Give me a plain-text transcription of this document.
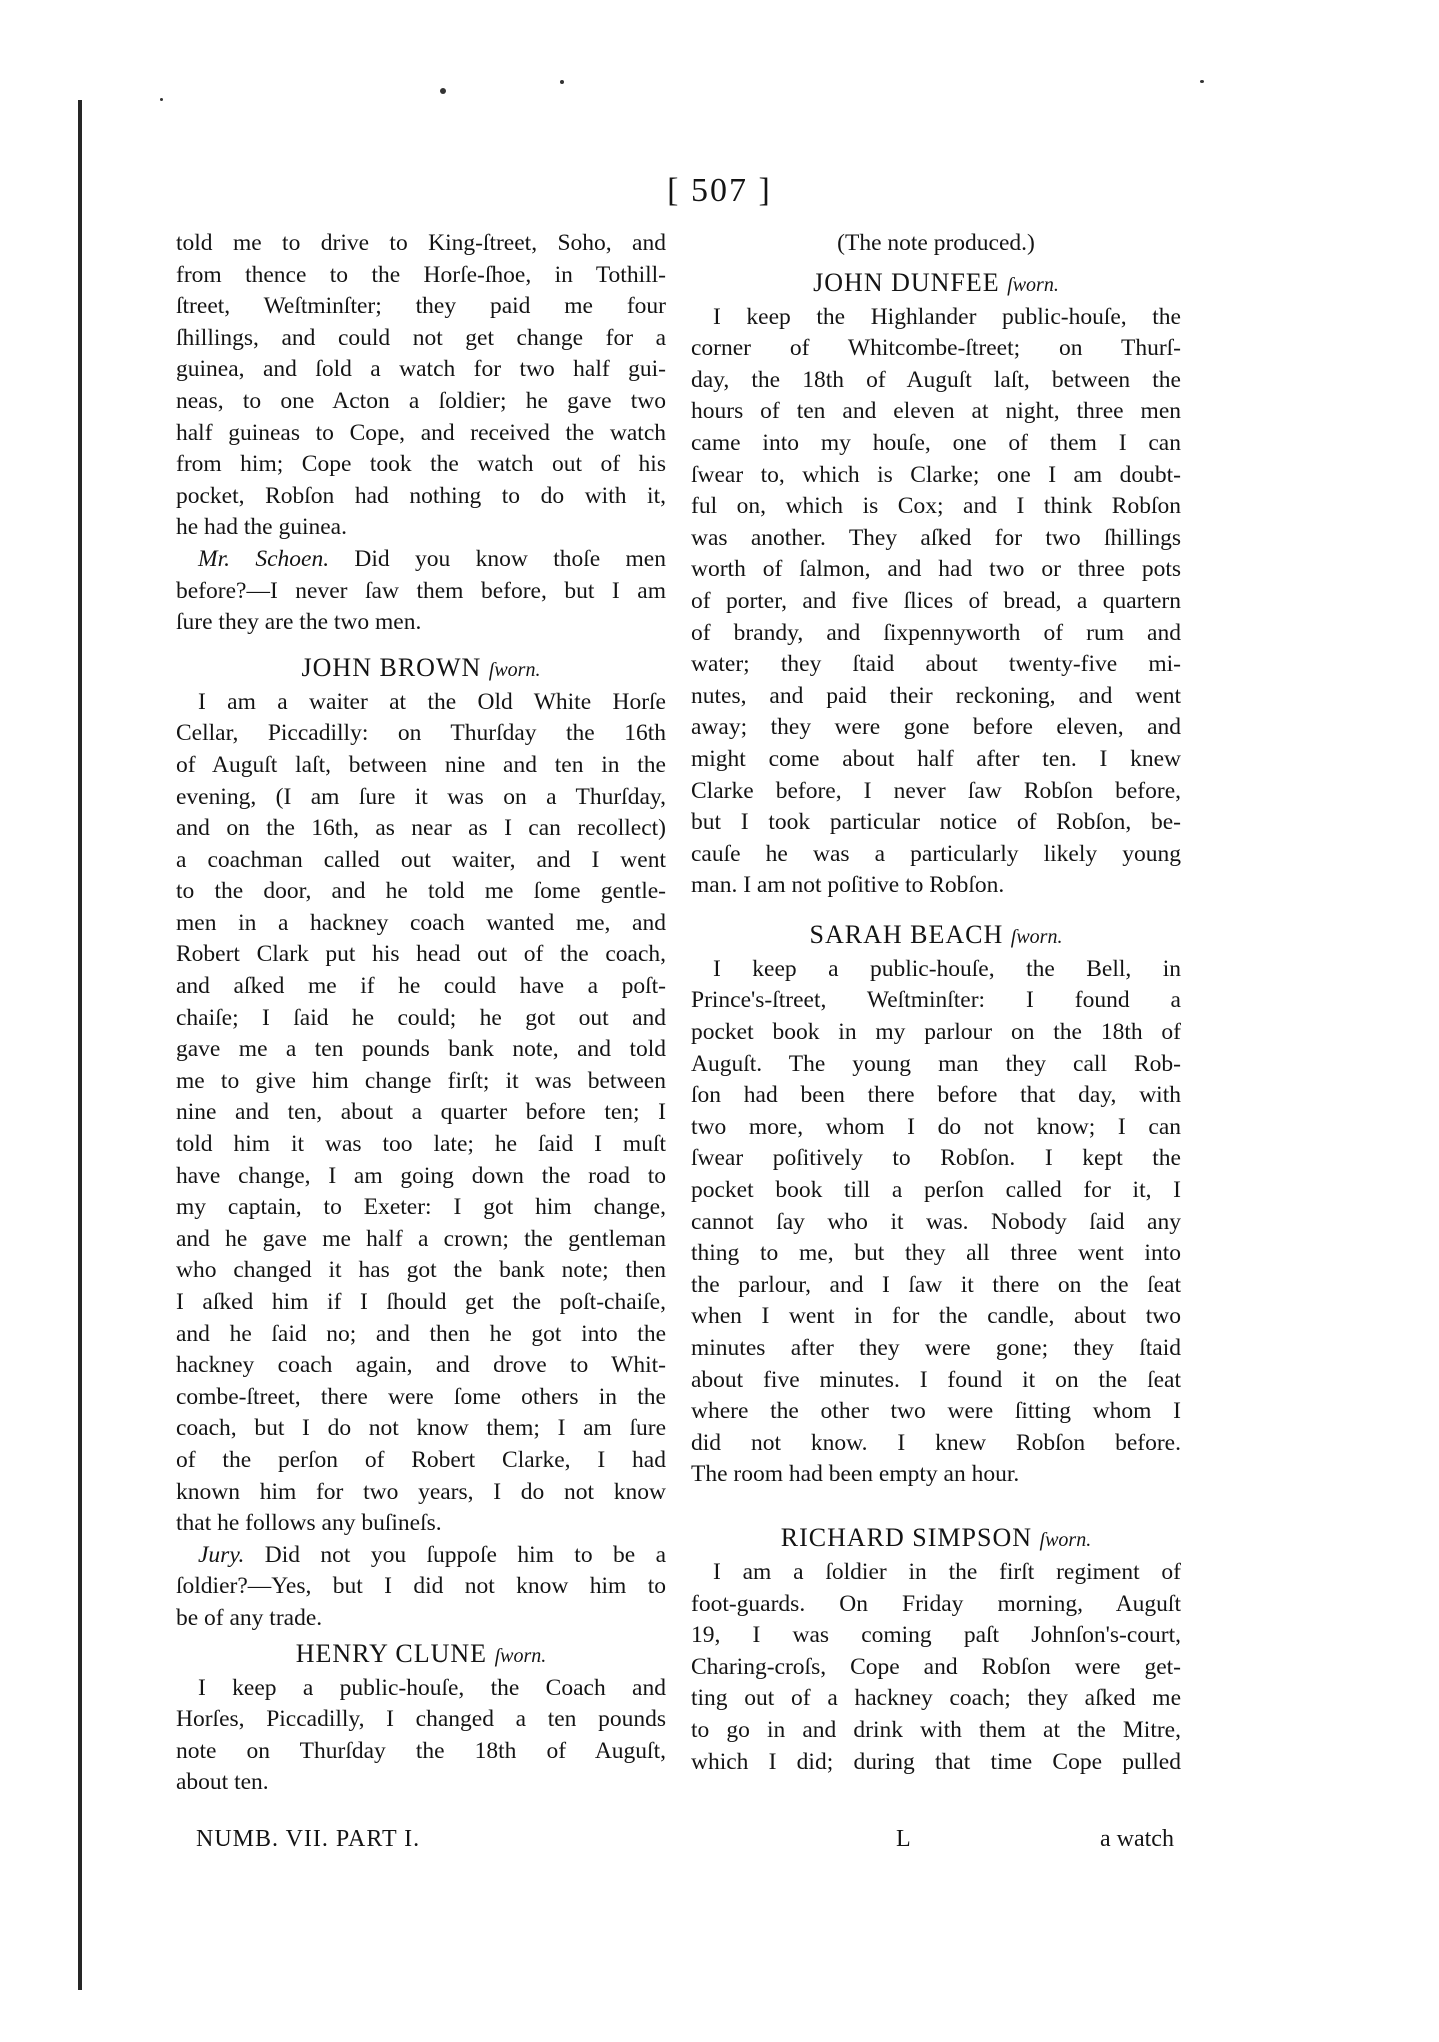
[ 507 ]
told me to drive to King-ſtreet, Soho, and
from thence to the Horſe-ſhoe, in Tothill-
ſtreet, Weſtminſter; they paid me four
ſhillings, and could not get change for a
guinea, and ſold a watch for two half gui-
neas, to one Acton a ſoldier; he gave two
half guineas to Cope, and received the watch
from him; Cope took the watch out of his
pocket, Robſon had nothing to do with it,
he had the guinea.
Mr. Schoen. Did you know thoſe men
before?—I never ſaw them before, but I am
ſure they are the two men.
JOHN BROWN ſworn.
I am a waiter at the Old White Horſe
Cellar, Piccadilly: on Thurſday the 16th
of Auguſt laſt, between nine and ten in the
evening, (I am ſure it was on a Thurſday,
and on the 16th, as near as I can recollect)
a coachman called out waiter, and I went
to the door, and he told me ſome gentle-
men in a hackney coach wanted me, and
Robert Clark put his head out of the coach,
and aſked me if he could have a poſt-
chaiſe; I ſaid he could; he got out and
gave me a ten pounds bank note, and told
me to give him change firſt; it was between
nine and ten, about a quarter before ten; I
told him it was too late; he ſaid I muſt
have change, I am going down the road to
my captain, to Exeter: I got him change,
and he gave me half a crown; the gentleman
who changed it has got the bank note; then
I aſked him if I ſhould get the poſt-chaiſe,
and he ſaid no; and then he got into the
hackney coach again, and drove to Whit-
combe-ſtreet, there were ſome others in the
coach, but I do not know them; I am ſure
of the perſon of Robert Clarke, I had
known him for two years, I do not know
that he follows any buſineſs.
Jury. Did not you ſuppoſe him to be a
ſoldier?—Yes, but I did not know him to
be of any trade.
HENRY CLUNE ſworn.
I keep a public-houſe, the Coach and
Horſes, Piccadilly, I changed a ten pounds
note on Thurſday the 18th of Auguſt,
about ten.
(The note produced.)
JOHN DUNFEE ſworn.
I keep the Highlander public-houſe, the
corner of Whitcombe-ſtreet; on Thurſ-
day, the 18th of Auguſt laſt, between the
hours of ten and eleven at night, three men
came into my houſe, one of them I can
ſwear to, which is Clarke; one I am doubt-
ful on, which is Cox; and I think Robſon
was another. They aſked for two ſhillings
worth of ſalmon, and had two or three pots
of porter, and five ſlices of bread, a quartern
of brandy, and ſixpennyworth of rum and
water; they ſtaid about twenty-five mi-
nutes, and paid their reckoning, and went
away; they were gone before eleven, and
might come about half after ten. I knew
Clarke before, I never ſaw Robſon before,
but I took particular notice of Robſon, be-
cauſe he was a particularly likely young
man. I am not poſitive to Robſon.
SARAH BEACH ſworn.
I keep a public-houſe, the Bell, in
Prince's-ſtreet, Weſtminſter: I found a
pocket book in my parlour on the 18th of
Auguſt. The young man they call Rob-
ſon had been there before that day, with
two more, whom I do not know; I can
ſwear poſitively to Robſon. I kept the
pocket book till a perſon called for it, I
cannot ſay who it was. Nobody ſaid any
thing to me, but they all three went into
the parlour, and I ſaw it there on the ſeat
when I went in for the candle, about two
minutes after they were gone; they ſtaid
about five minutes. I found it on the ſeat
where the other two were ſitting whom I
did not know. I knew Robſon before.
The room had been empty an hour.
RICHARD SIMPSON ſworn.
I am a ſoldier in the firſt regiment of
foot-guards. On Friday morning, Auguſt
19, I was coming paſt Johnſon's-court,
Charing-croſs, Cope and Robſon were get-
ting out of a hackney coach; they aſked me
to go in and drink with them at the Mitre,
which I did; during that time Cope pulled
NUMB. VII. PART I.	L	a watch
